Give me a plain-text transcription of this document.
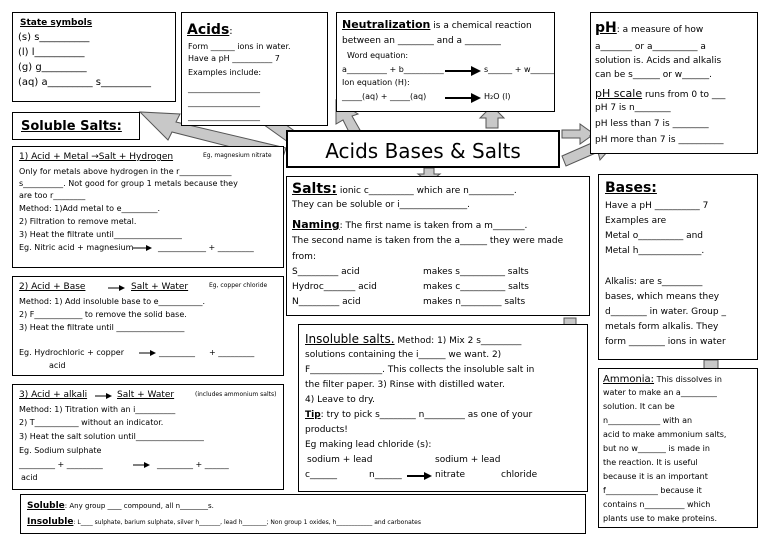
State symbols
(s) s__________
(l) l__________
(g) g_________
(aq) a_________ s__________
Acids:
Form ______ ions in water.
Have a pH __________ 7
Examples include:
__________________
__________________
__________________
Neutralization is a chemical reaction
between an ________ and a ________
Word equation:
a__________ + b__________	s______ + w______
Ion equation (H):
_____(aq) + _____(aq)	H₂O (l)
pH: a measure of how
a_______ or a__________ a
solution is. Acids and alkalis
can be s______ or w______.
pH scale runs from 0 to ___
pH 7 is n________
pH less than 7 is ________
pH more than 7 is __________
Soluble Salts:
Acids Bases & Salts
1) Acid + Metal →Salt + Hydrogen	Eg, magnesium nitrate
Only for metals above hydrogen in the r_____________
s__________. Not good for group 1 metals because they
are too r________
Method: 1)Add metal to e_________.
2) Filtration to remove metal.
3) Heat the filtrate until_________________
Eg. Nitric acid + magnesium	____________ + _________
2) Acid + Base	Salt + Water	Eg, copper chloride
Method: 1) Add insoluble base to e___________.
2) F____________ to remove the solid base.
3) Heat the filtrate until _________________
Eg. Hydrochloric + copper	_________ + _________
acid
3) Acid + alkali	Salt + Water	(includes ammonium salts)
Method: 1) Titration with an i__________
2) T___________ without an indicator.
3) Heat the salt solution until_________________
Eg. Sodium sulphate
_________ + _________	_________ + ______
acid
Salts: ionic c__________ which are n__________.
They can be soluble or i_______________.
Naming: The first name is taken from a m_______.
The second name is taken from the a______ they were made
from:
S_________ acid	makes s__________ salts
Hydroc_______ acid	makes c__________ salts
N_________ acid	makes n_________ salts
Bases:
Have a pH __________ 7
Examples are
Metal o__________ and
Metal h______________.
Alkalis: are s_________
bases, which means they
d________ in water. Group _
metals form alkalis. They
form ________ ions in water
Insoluble salts. Method: 1) Mix 2 s_________
solutions containing the i______ we want. 2)
F________________. This collects the insoluble salt in
the filter paper. 3) Rinse with distilled water.
4) Leave to dry.
Tip: try to pick s________ n_________ as one of your
products!
Eg making lead chloride (s):
sodium + lead	sodium + lead
c______	n______	nitrate	chloride
Ammonia: This dissolves in
water to make an a_________
solution. It can be
n_____________ with an
acid to make ammonium salts,
but no w_______ is made in
the reaction. It is useful
because it is an important
f_____________ because it
contains n__________ which
plants use to make proteins.
Soluble: Any group ____ compound, all n________s.
Insoluble: L____ sulphate, barium sulphate, silver h_______, lead h________; Non group 1 oxides, h____________ and carbonates
